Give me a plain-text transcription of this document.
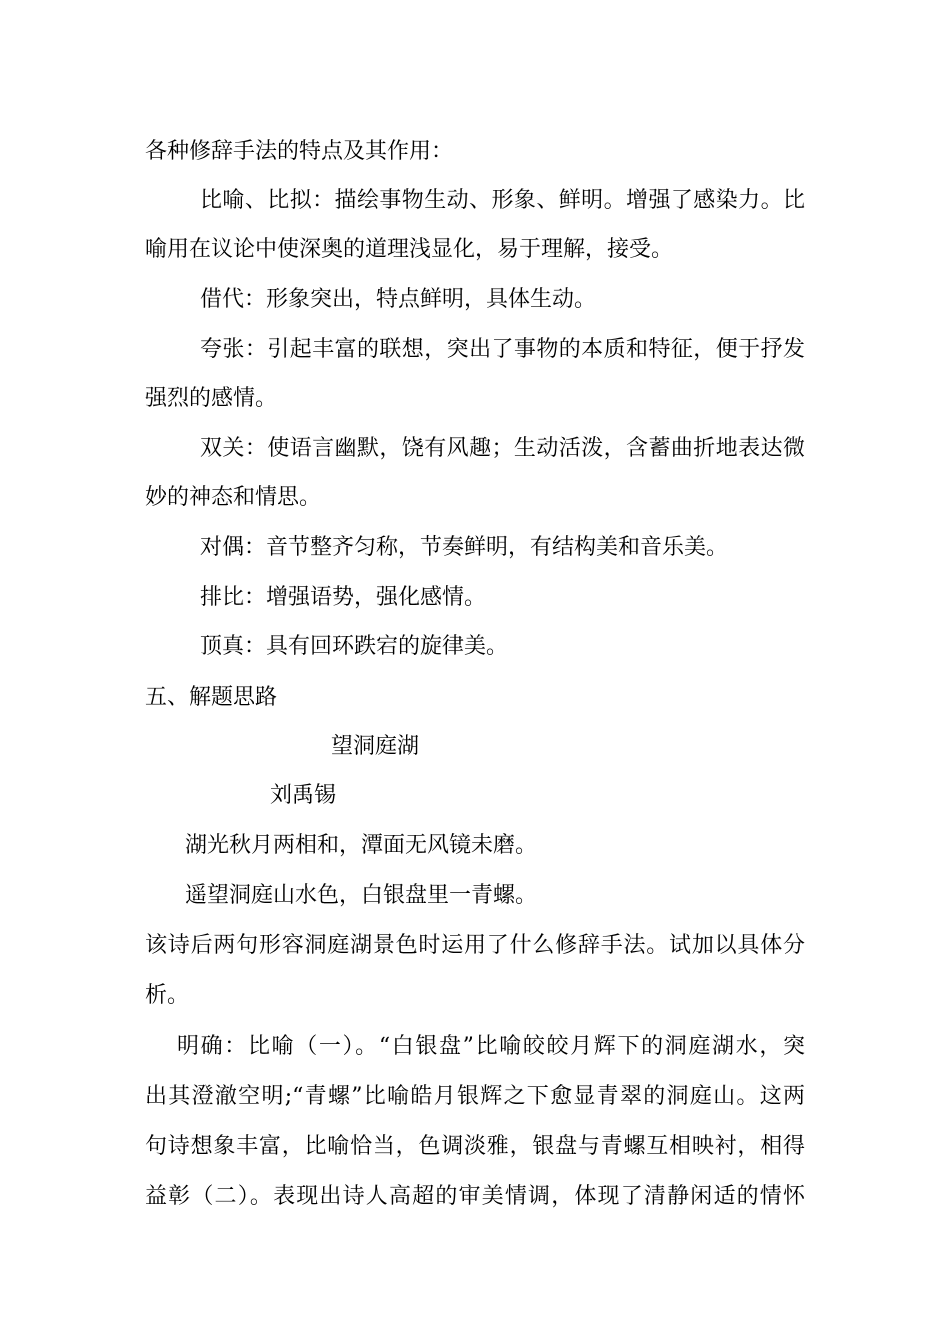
各种修辞手法的特点及其作用：
比喻、比拟：描绘事物生动、形象、鲜明。增强了感染力。比
喻用在议论中使深奥的道理浅显化，易于理解，接受。
借代：形象突出，特点鲜明，具体生动。
夸张：引起丰富的联想，突出了事物的本质和特征，便于抒发
强烈的感情。
双关：使语言幽默，饶有风趣；生动活泼，含蓄曲折地表达微
妙的神态和情思。
对偶：音节整齐匀称，节奏鲜明，有结构美和音乐美。
排比：增强语势，强化感情。
顶真：具有回环跌宕的旋律美。
五、解题思路
望洞庭湖
刘禹锡
湖光秋月两相和，潭面无风镜未磨。
遥望洞庭山水色，白银盘里一青螺。
该诗后两句形容洞庭湖景色时运用了什么修辞手法。试加以具体分
析。
明确：比喻（一）。“白银盘”比喻皎皎月辉下的洞庭湖水，突
出其澄澈空明;“青螺”比喻皓月银辉之下愈显青翠的洞庭山。这两
句诗想象丰富，比喻恰当，色调淡雅，银盘与青螺互相映衬，相得
益彰（二）。表现出诗人高超的审美情调，体现了清静闲适的情怀
